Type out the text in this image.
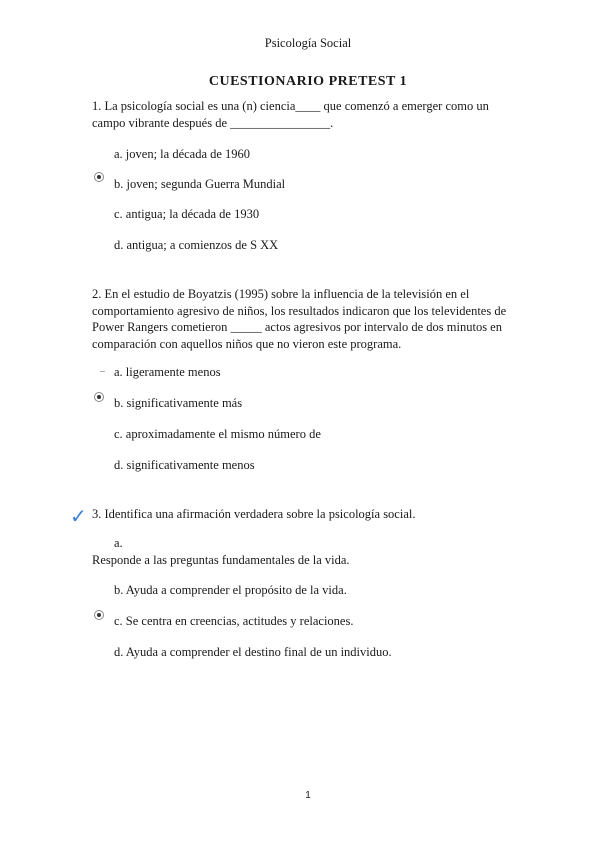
Psicología Social
CUESTIONARIO PRETEST 1
1. La psicología social es una (n) ciencia____ que comenzó a emerger como un campo vibrante después de ________________.
a. joven; la década de 1960
b. joven; segunda Guerra Mundial
c. antigua; la década de 1930
d. antigua; a comienzos de S XX
2. En el estudio de Boyatzis (1995) sobre la influencia de la televisión en el comportamiento agresivo de niños, los resultados indicaron que los televidentes de Power Rangers cometieron _____ actos agresivos por intervalo de dos minutos en comparación con aquellos niños que no vieron este programa.
a. ligeramente menos
b. significativamente más
c. aproximadamente el mismo número de
d. significativamente menos
✓ 3. Identifica una afirmación verdadera sobre la psicología social.
a.
Responde a las preguntas fundamentales de la vida.
b. Ayuda a comprender el propósito de la vida.
c. Se centra en creencias, actitudes y relaciones.
d. Ayuda a comprender el destino final de un individuo.
1
